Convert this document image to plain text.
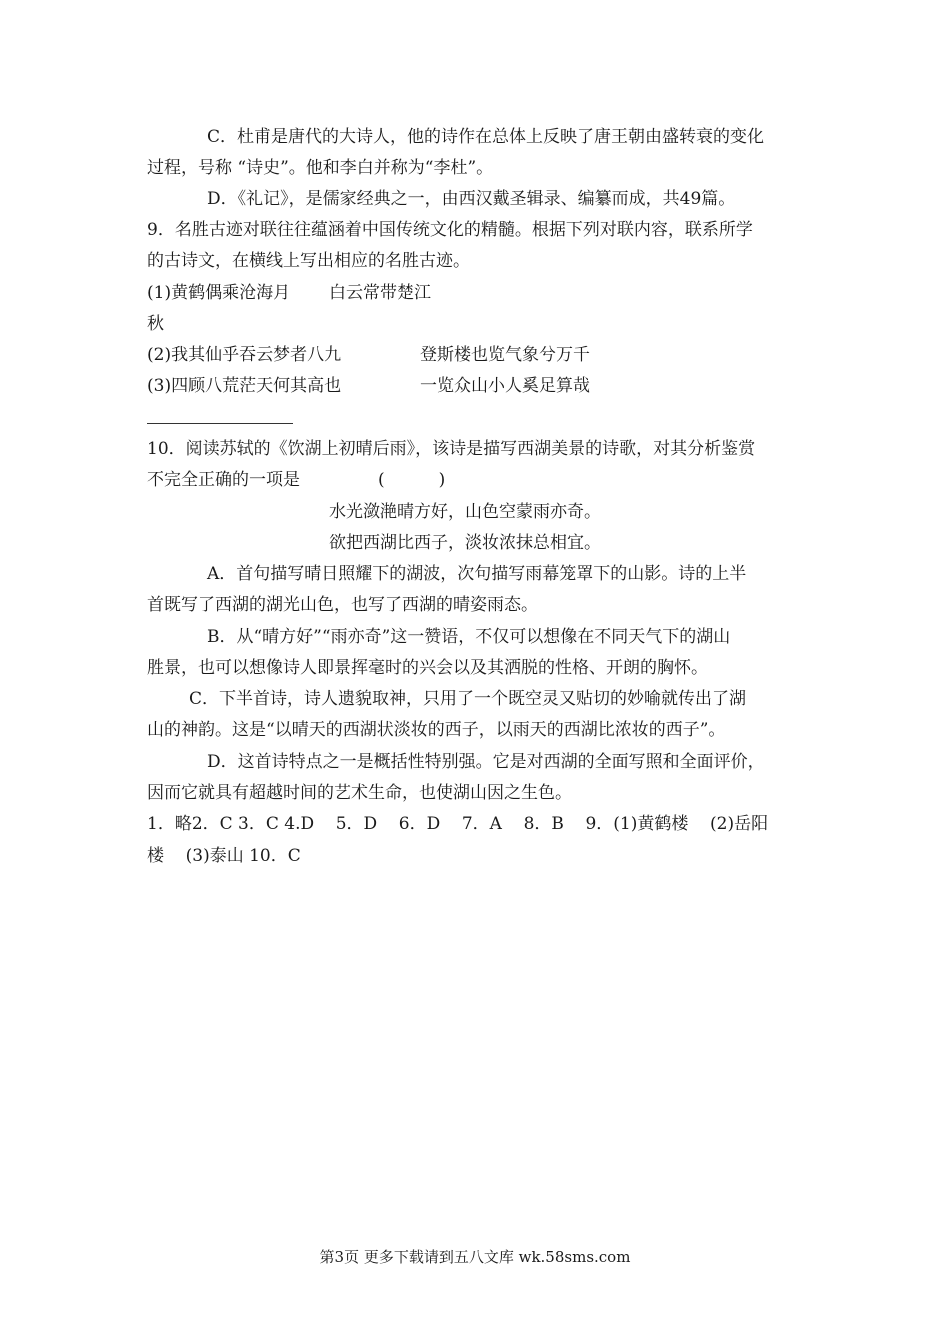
C．杜甫是唐代的大诗人，他的诗作在总体上反映了唐王朝由盛转衰的变化
过程，号称 “诗史”。他和李白并称为“李杜”。
D．《礼记》，是儒家经典之一，由西汉戴圣辑录、编纂而成，共49篇。
9．名胜古迹对联往往蕴涵着中国传统文化的精髓。根据下列对联内容，联系所学
的古诗文，在横线上写出相应的名胜古迹。
(1)黄鹤偶乘沧海月 白云常带楚江
秋
(2)我其仙乎吞云梦者八九	登斯楼也览气象兮万千
(3)四顾八荒茫天何其高也	一览众山小人奚足算哉
10．阅读苏轼的《饮湖上初晴后雨》，该诗是描写西湖美景的诗歌，对其分析鉴赏
不完全正确的一项是	(          )
水光潋滟晴方好，山色空蒙雨亦奇。
欲把西湖比西子，淡妆浓抹总相宜。
A．首句描写晴日照耀下的湖波，次句描写雨幕笼罩下的山影。诗的上半
首既写了西湖的湖光山色，也写了西湖的晴姿雨态。
B．从“晴方好”“雨亦奇”这一赞语，不仅可以想像在不同天气下的湖山
胜景，也可以想像诗人即景挥毫时的兴会以及其洒脱的性格、开朗的胸怀。
C．下半首诗，诗人遗貌取神，只用了一个既空灵又贴切的妙喻就传出了湖
山的神韵。这是“以晴天的西湖状淡妆的西子，以雨天的西湖比浓妆的西子”。
D．这首诗特点之一是概括性特别强。它是对西湖的全面写照和全面评价，
因而它就具有超越时间的艺术生命，也使湖山因之生色。
1．略2．C 3．C 4.D    5．D    6．D    7．A    8．B    9．(1)黄鹤楼    (2)岳阳
楼    (3)泰山 10．C
第3页 更多下载请到五八文库 wk.58sms.com
